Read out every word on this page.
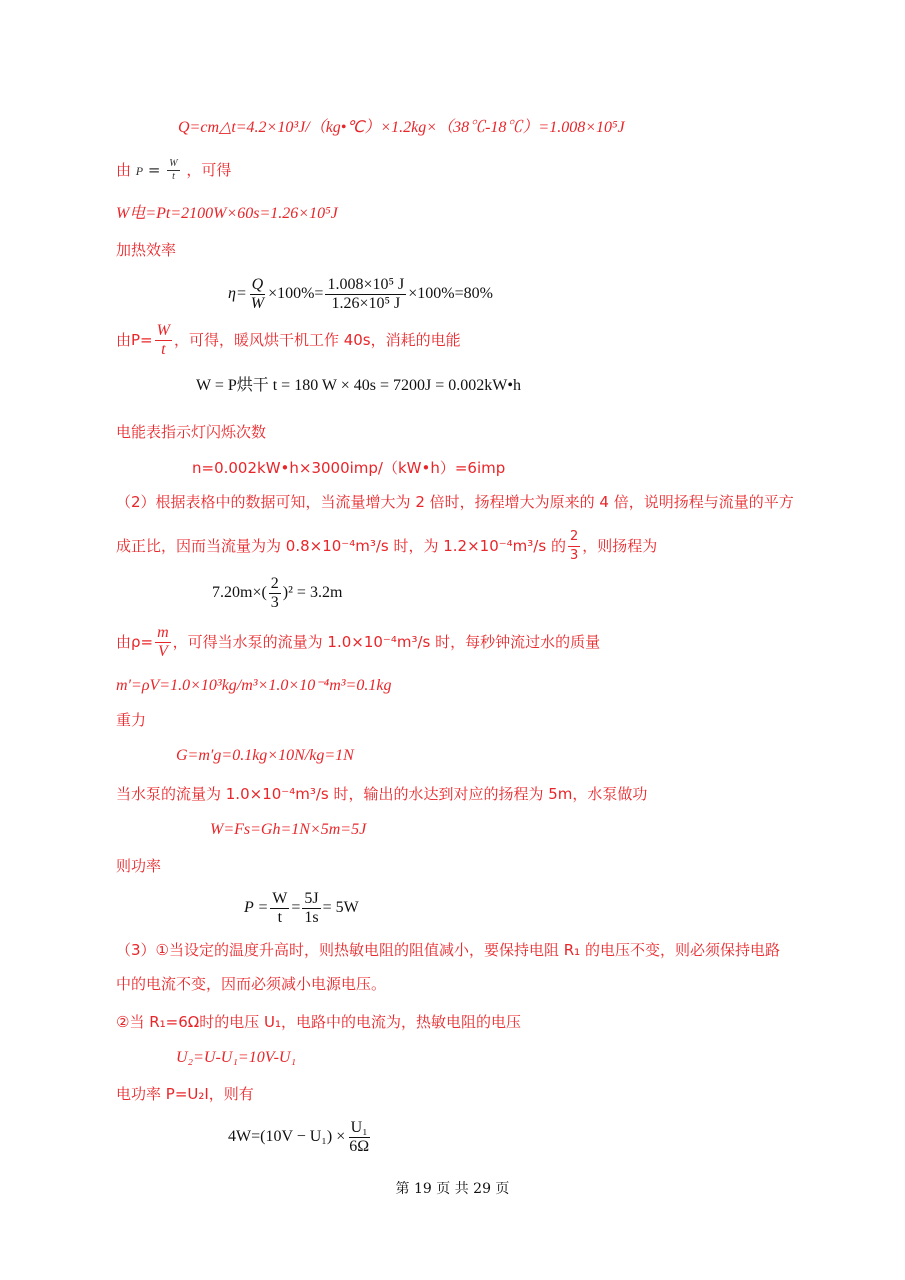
Q=cm△t=4.2×10³J/（kg•℃）×1.2kg×（38℃-18℃）=1.008×10⁵J
由 $P = \frac{W}{t}$ ，可得
W电=Pt=2100W×60s=1.26×10⁵J
加热效率
$\eta= \frac{Q}{W} \times 100\%= \frac{\text{1.008×10⁵ J}}{\text{1.26×10⁵ J}} \times 100\%=80\%$
由$P= \frac{W}{t}$ ，可得，暖风烘干机工作 40s，消耗的电能
W = P烘干 t = 180 W × 40s = 7200J = 0.002kW•h
电能表指示灯闪烁次数
n=0.002kW•h×3000imp/（kW•h）=6imp
（2）根据表格中的数据可知，当流量增大为 2 倍时，扬程增大为原来的 4 倍，说明扬程与流量的平方
成正比，因而当流量为为 0.8×10⁻⁴m³/s 时，为 1.2×10⁻⁴m³/s 的 $\frac{2}{3}$ ，则扬程为
$7.20m\times( \frac{2}{3} )^2 = 3.2m$
由$\rho= \frac{m}{V}$ ，可得当水泵的流量为 1.0×10⁻⁴m³/s 时，每秒钟流过水的质量
m′=ρV=1.0×10³kg/m³×1.0×10⁻⁴m³=0.1kg
重力
G=m′g=0.1kg×10N/kg=1N
当水泵的流量为 1.0×10⁻⁴m³/s 时，输出的水达到对应的扬程为 5m，水泵做功
W=Fs=Gh=1N×5m=5J
则功率
$P = \frac{W}{t} = \frac{5J}{1s} = 5W$
（3）①当设定的温度升高时，则热敏电阻的阻值减小，要保持电阻 R₁ 的电压不变，则必须保持电路
中的电流不变，因而必须减小电源电压。
②当 R₁=6Ω时的电压 U₁，电路中的电流为，热敏电阻的电压
U₂=U-U₁=10V-U₁
电功率 P=U₂I，则有
$4W=(10V - U_1) \times \frac{\text{U₁}}{6\Omega}$
第 19 页 共 29 页
